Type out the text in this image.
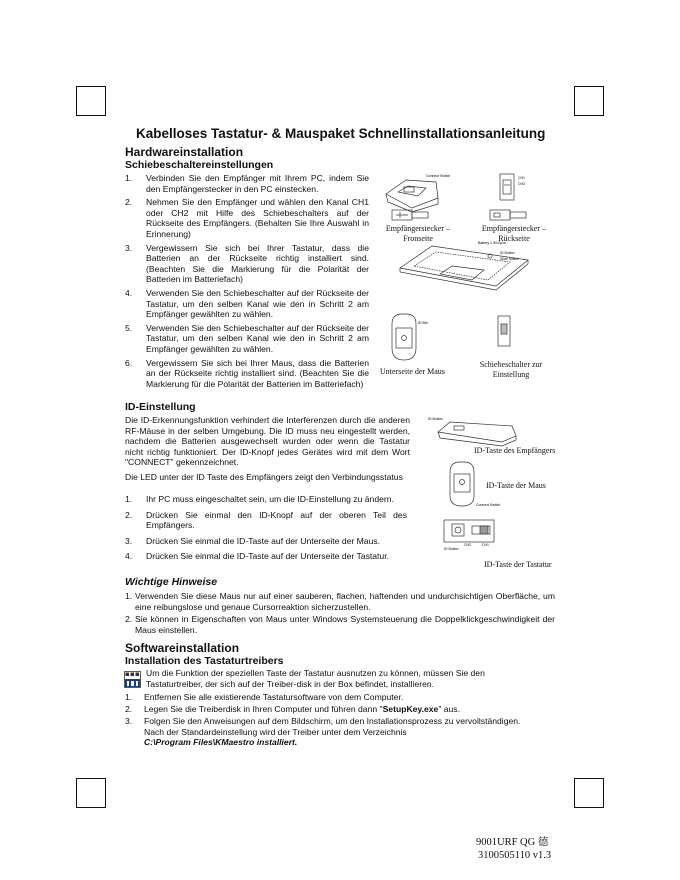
Kabelloses Tastatur- & Mauspaket Schnellinstallationsanleitung
Hardwareinstallation
Schiebeschaltereinstellungen
1. Verbinden Sie den Empfänger mit Ihrem PC, indem Sie den Empfängerstecker in den PC einstecken.
2. Nehmen Sie den Empfänger und wählen den Kanal CH1 oder CH2 mit Hilfe des Schiebeschalters auf der Rückseite des Empfängers. (Behalten Sie Ihre Auswahl in Erinnerung)
3. Vergewissern Sie sich bei Ihrer Tastatur, dass die Batterien an der Rückseite richtig installiert sind. (Beachten Sie die Markierung für die Polarität der Batterien im Batteriefach)
4. Verwenden Sie den Schiebeschalter auf der Rückseite der Tastatur, um den selben Kanal wie den in Schritt 2 am Empfänger gewählten zu wählen.
5. Verwenden Sie den Schiebeschalter auf der Rückseite der Tastatur, um den selben Kanal wie den in Schritt 2 am Empfänger gewählten zu wählen.
6. Vergewissern Sie sich bei Ihrer Maus, dass die Batterien an der Rückseite richtig installiert sind. (Beachten Sie die Markierung für die Polarität der Batterien im Batteriefach)
Connect Switch	CH1
CH2
Battery 1.5V/2pcs
ID Button
Slide Switch
ID Btn
Empfängerstecker – Fronseite
Empfängerstecker – Rückseite
Unterseite der Maus
Schiebeschalter zur Einstellung
ID-Einstellung

Die ID-Erkennungsfunktion verhindert die Interferenzen durch die anderen RF-Mäuse in der selben Umgebung. Die ID muss neu eingestellt werden, nachdem die Batterien ausgewechselt wurden oder wenn die Tastatur nicht richtig funktioniert. Der ID-Knopf jedes Gerätes wird mit dem Wort "CONNECT" gekennzeichnet.

Die LED unter der ID Taste des Empfängers zeigt den Verbindungsstatus

1. Ihr PC muss eingeschaltet sein, um die ID-Einstellung zu ändern.
2. Drücken Sie einmal den ID-Knopf auf der oberen Teil des Empfängers.
3. Drücken Sie einmal die ID-Taste auf der Unterseite der Maus.
4. Drücken Sie einmal die ID-Taste auf der Unterseite der Tastatur.
ID Button
Connect Switch
ID Button
CH2	CH1
ID-Taste des Empfängers
ID-Taste der Maus
ID-Taste der Tastatur
Wichtige Hinweise
1. Verwenden Sie diese Maus nur auf einer sauberen, flachen, haftenden und undurchsichtigen Oberfläche, um eine reibungslose und genaue Cursorreaktion sicherzustellen.
2. Sie können in Eigenschaften von Maus unter Windows Systemsteuerung die Doppelklickgeschwindigkeit der Maus einstellen.
Softwareinstallation
Installation des Tastaturtreibers

Um die Funktion der speziellen Taste der Tastatur ausnutzen zu können, müssen Sie den Tastaturtreiber, der sich auf der Treiber-disk in der Box befindet, installieren.

1. Entfernen Sie alle existierende Tastatursoftware von dem Computer.
2. Legen Sie die Treiberdisk in Ihren Computer und führen dann "SetupKey.exe" aus.
3. Folgen Sie den Anweisungen auf dem Bildschirm, um den Installationsprozess zu vervollständigen. Nach der Standardeinstellung wird der Treiber unter dem Verzeichnis
C:\Program Files\KMaestro installiert.
9001URF QG 德
3100505110 v1.3
